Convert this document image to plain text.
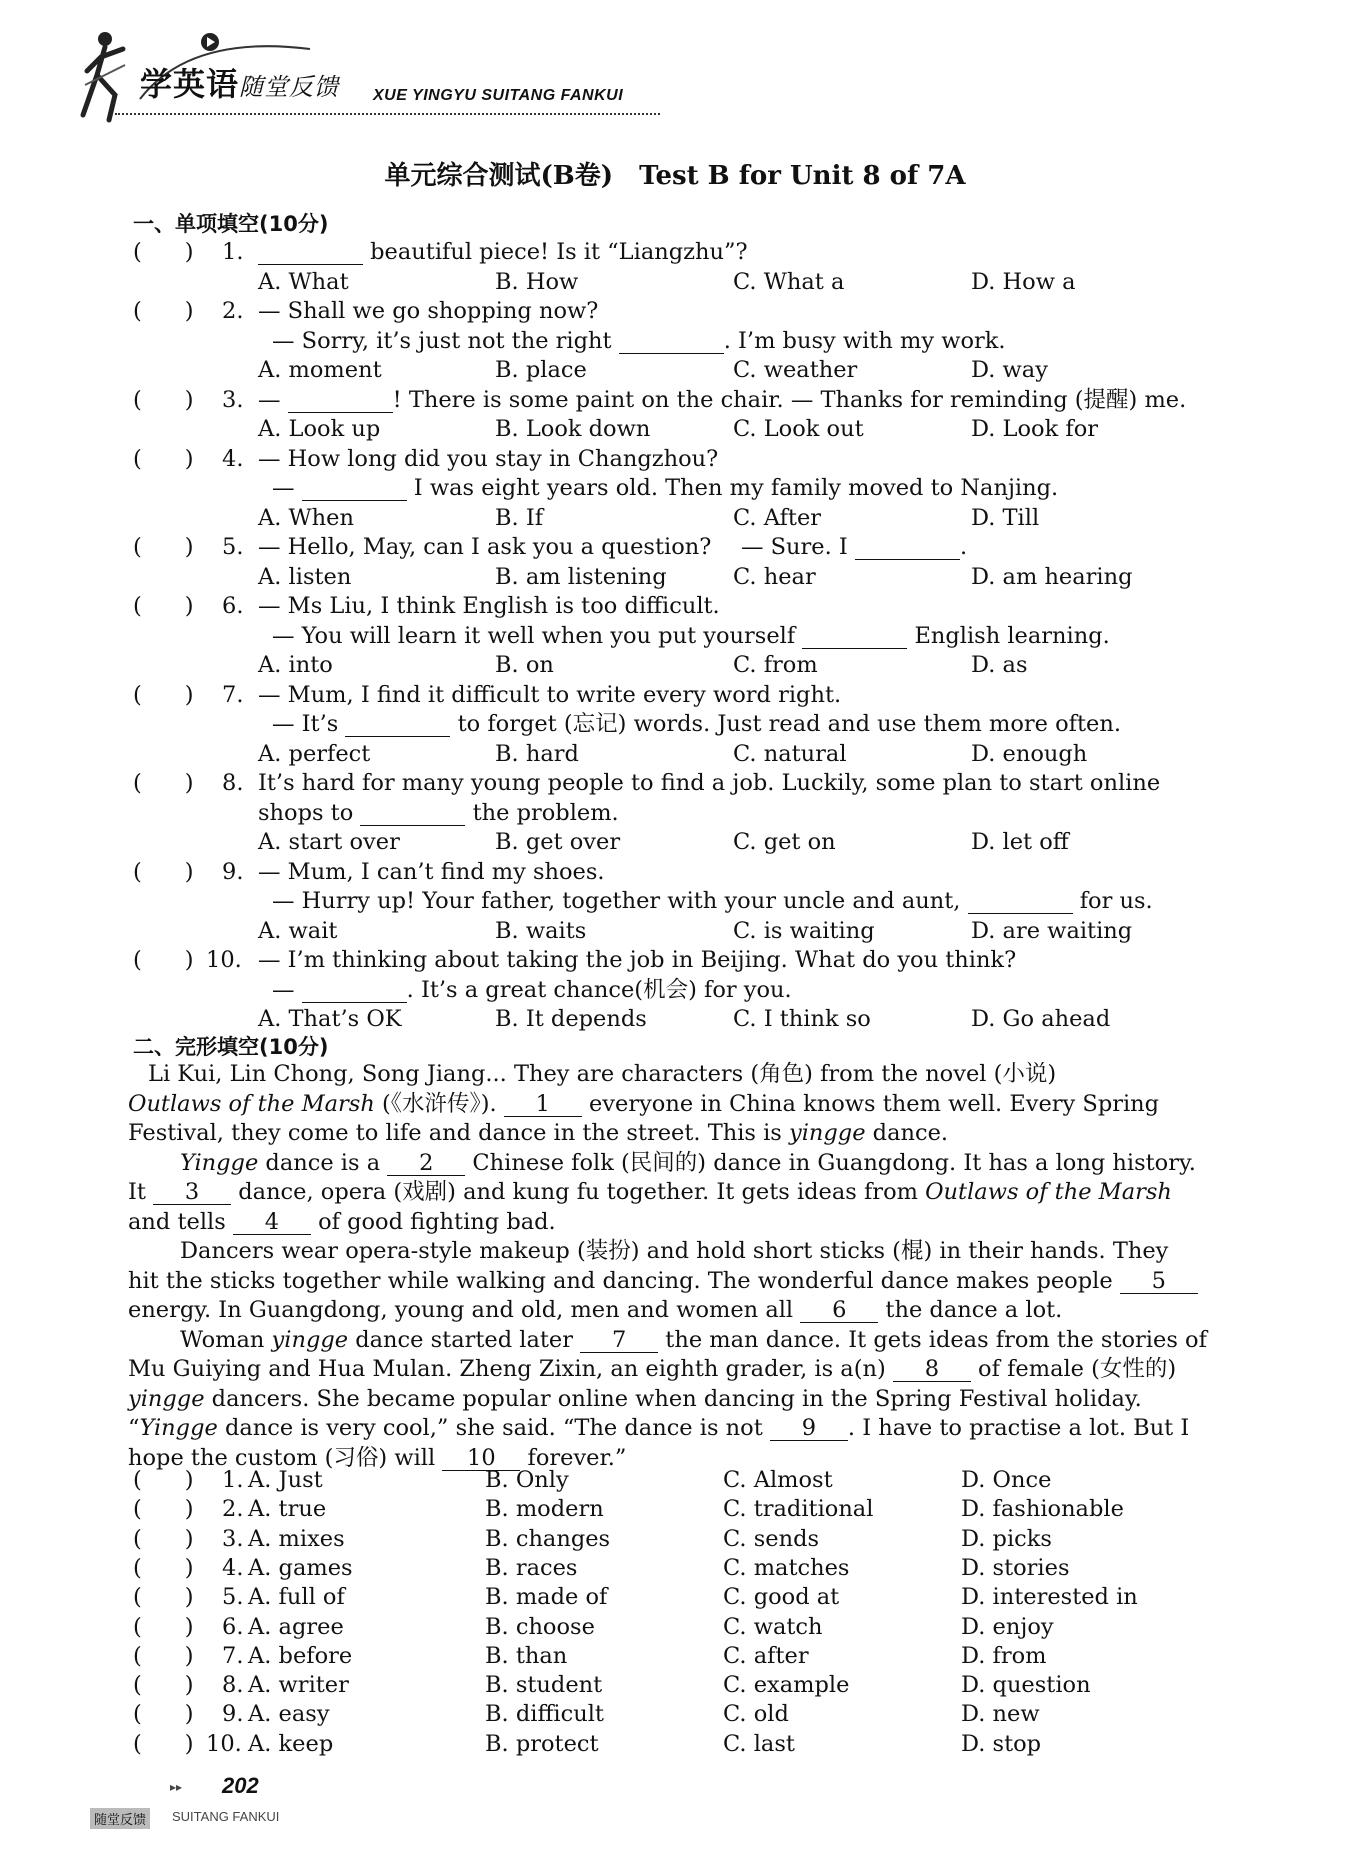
学英语随堂反馈 XUE YINGYU SUITANG FANKUI
单元综合测试(B卷)　Test B for Unit 8 of 7A
一、单项填空(10分)
(      ) 1.	beautiful piece! Is it “Liangzhu”?
A. What	B. How	C. What a	D. How a
(      ) 2. — Shall we go shopping now?
— Sorry, it’s just not the right	. I’m busy with my work.
A. moment	B. place	C. weather	D. way
(      ) 3. —	! There is some paint on the chair. — Thanks for reminding (提醒) me.
A. Look up	B. Look down	C. Look out	D. Look for
(      ) 4. — How long did you stay in Changzhou?
—	I was eight years old. Then my family moved to Nanjing.
A. When	B. If	C. After	D. Till
(      ) 5. — Hello, May, can I ask you a question?　 — Sure. I	.
A. listen	B. am listening	C. hear	D. am hearing
(      ) 6. — Ms Liu, I think English is too difficult.
— You will learn it well when you put yourself	English learning.
A. into	B. on	C. from	D. as
(      ) 7. — Mum, I find it difficult to write every word right.
— It’s	to forget (忘记) words. Just read and use them more often.
A. perfect	B. hard	C. natural	D. enough
(      ) 8. It’s hard for many young people to find a job. Luckily, some plan to start online
shops to	the problem.
A. start over	B. get over	C. get on	D. let off
(      ) 9. — Mum, I can’t find my shoes.
— Hurry up! Your father, together with your uncle and aunt,	for us.
A. wait	B. waits	C. is waiting	D. are waiting
(      ) 10. — I’m thinking about taking the job in Beijing. What do you think?
—	. It’s a great chance(机会) for you.
A. That’s OK	B. It depends	C. I think so	D. Go ahead
二、完形填空(10分)
Li Kui, Lin Chong, Song Jiang... They are characters (角色) from the novel (小说)
Outlaws of the Marsh (《水浒传》). 1 everyone in China knows them well. Every Spring
Festival, they come to life and dance in the street. This is yingge dance.
Yingge dance is a 2 Chinese folk (民间的) dance in Guangdong. It has a long history.
It 3 dance, opera (戏剧) and kung fu together. It gets ideas from Outlaws of the Marsh
and tells 4 of good fighting bad.
Dancers wear opera-style makeup (装扮) and hold short sticks (棍) in their hands. They
hit the sticks together while walking and dancing. The wonderful dance makes people 5
energy. In Guangdong, young and old, men and women all 6 the dance a lot.
Woman yingge dance started later 7 the man dance. It gets ideas from the stories of
Mu Guiying and Hua Mulan. Zheng Zixin, an eighth grader, is a(n) 8 of female (女性的)
yingge dancers. She became popular online when dancing in the Spring Festival holiday.
“Yingge dance is very cool,” she said. “The dance is not 9 . I have to practise a lot. But I
hope the custom (习俗) will 10 forever.”
(      ) 1. A. Just	B. Only	C. Almost	D. Once
(      ) 2. A. true	B. modern	C. traditional	D. fashionable
(      ) 3. A. mixes	B. changes	C. sends	D. picks
(      ) 4. A. games	B. races	C. matches	D. stories
(      ) 5. A. full of	B. made of	C. good at	D. interested in
(      ) 6. A. agree	B. choose	C. watch	D. enjoy
(      ) 7. A. before	B. than	C. after	D. from
(      ) 8. A. writer	B. student	C. example	D. question
(      ) 9. A. easy	B. difficult	C. old	D. new
(      ) 10. A. keep	B. protect	C. last	D. stop
▸▸ 202
随堂反馈	SUITANG FANKUI
